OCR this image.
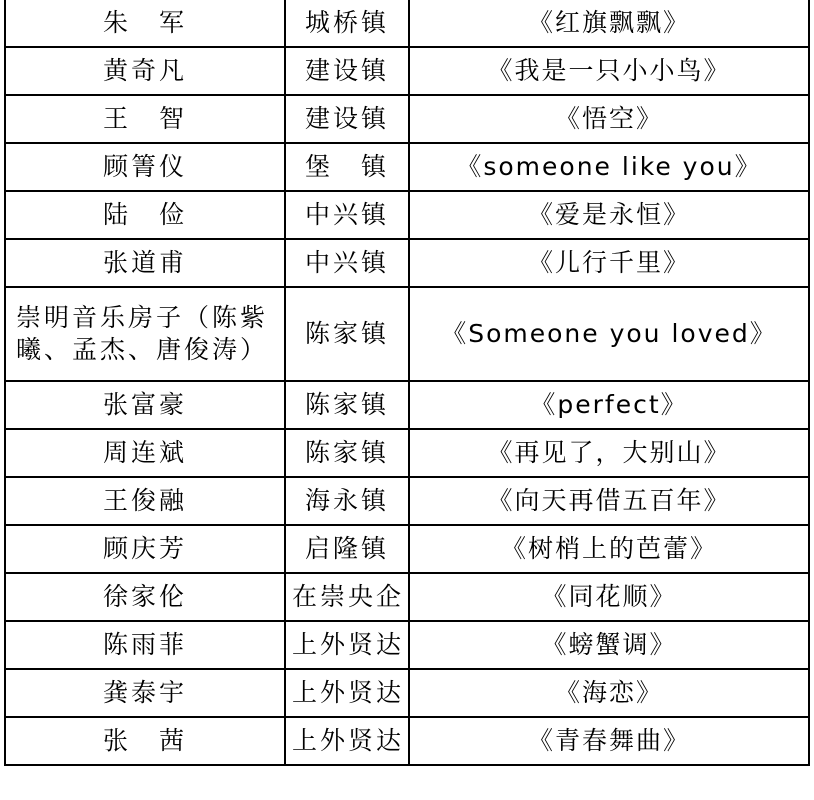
朱　军	城桥镇	《红旗飘飘》
黄奇凡	建设镇	《我是一只小小鸟》
王　智	建设镇	《悟空》
顾箐仪	堡　镇	《someone like you》
陆　俭	中兴镇	《爱是永恒》
张道甫	中兴镇	《儿行千里》
崇明音乐房子（陈紫曦、孟杰、唐俊涛）	陈家镇	《Someone you loved》
张富豪	陈家镇	《perfect》
周连斌	陈家镇	《再见了，大别山》
王俊融	海永镇	《向天再借五百年》
顾庆芳	启隆镇	《树梢上的芭蕾》
徐家伦	在崇央企	《同花顺》
陈雨菲	上外贤达	《螃蟹调》
龚泰宇	上外贤达	《海恋》
张　茜	上外贤达	《青春舞曲》
